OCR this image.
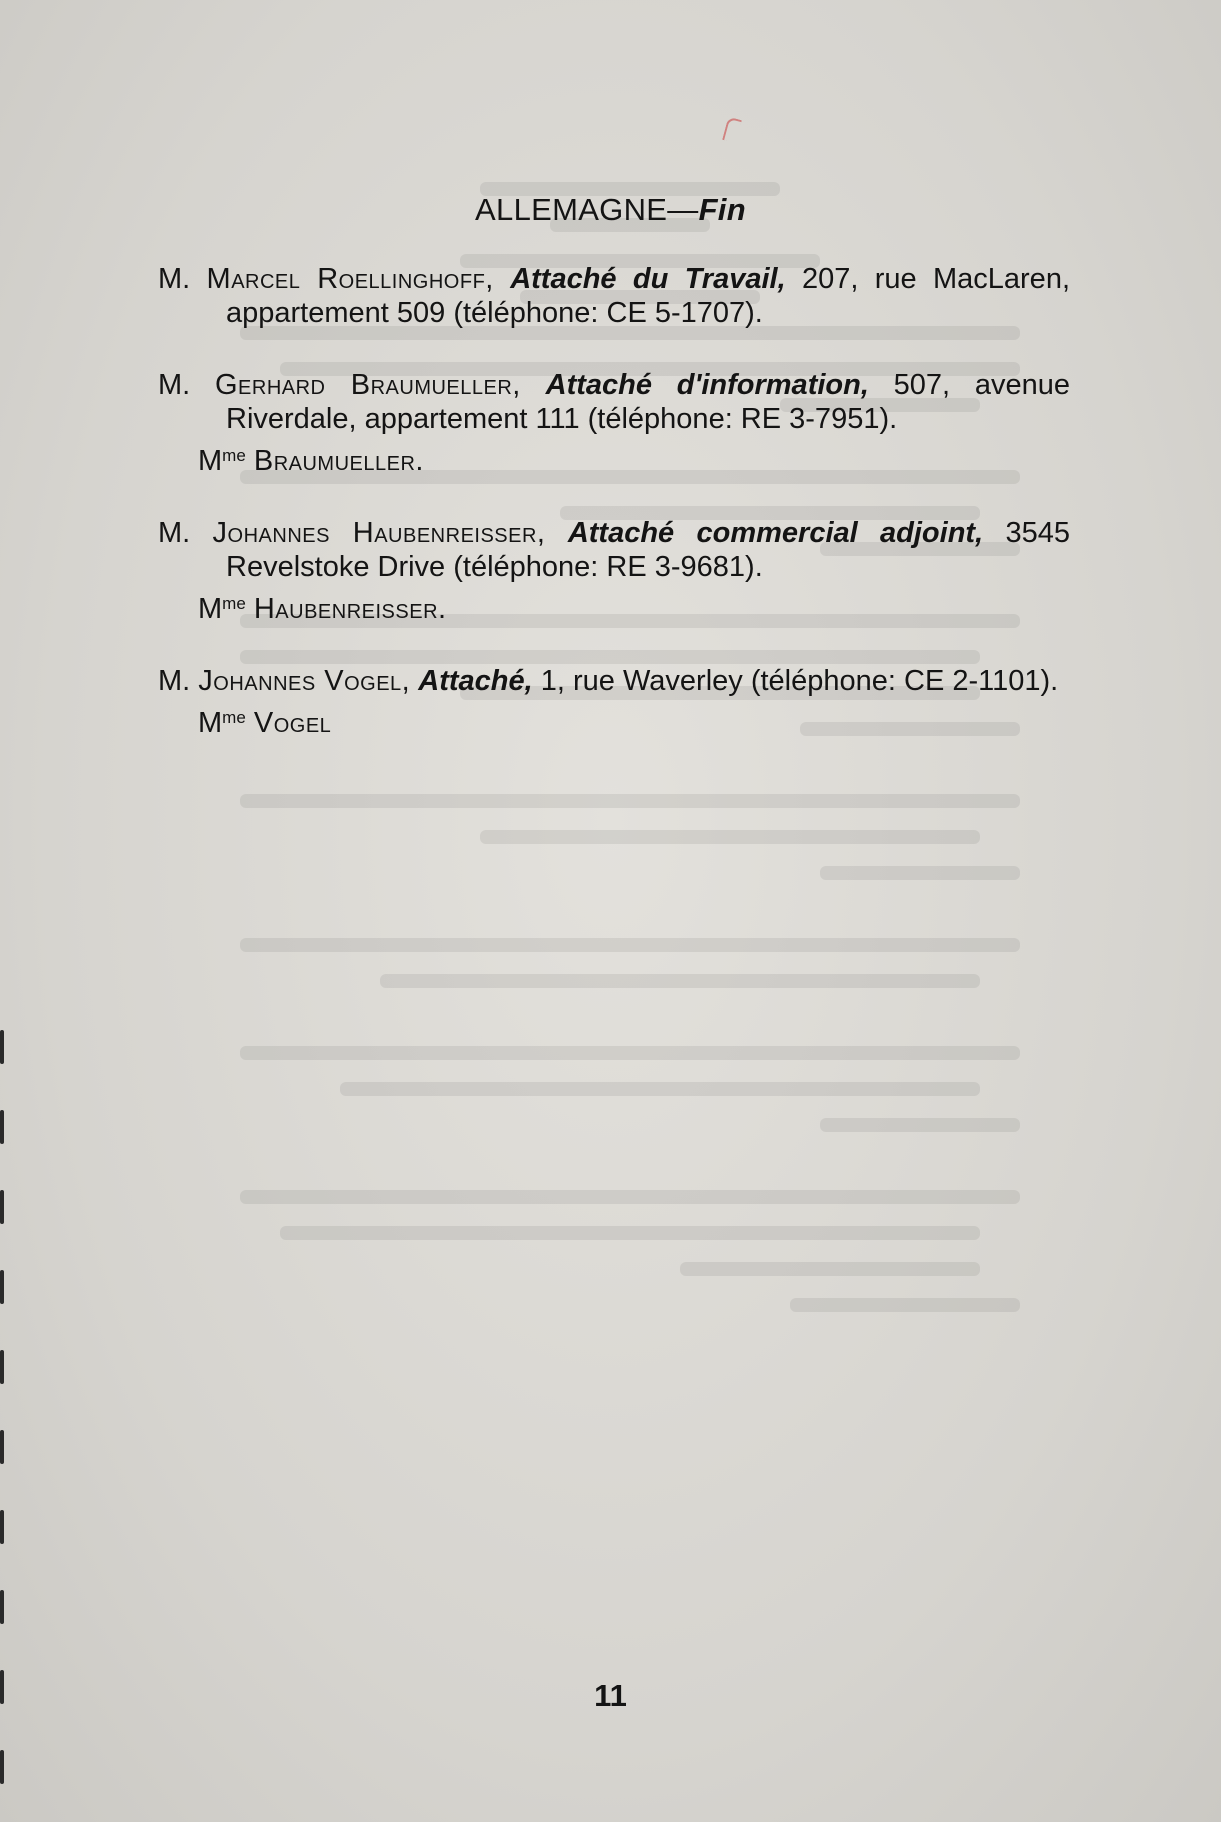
ALLEMAGNE—Fin
M. Marcel Roellinghoff, Attaché du Travail, 207, rue MacLaren, appartement 509 (téléphone: CE 5-1707).
M. Gerhard Braumueller, Attaché d'information, 507, avenue Riverdale, appartement 111 (téléphone: RE 3-7951).
$M^{me}$ Braumueller.
M. Johannes Haubenreisser, Attaché commercial adjoint, 3545 Revelstoke Drive (téléphone: RE 3-9681).
$M^{me}$ Haubenreisser.
M. Johannes Vogel, Attaché, 1, rue Waverley (téléphone: CE 2-1101).
$M^{me}$ Vogel
11
